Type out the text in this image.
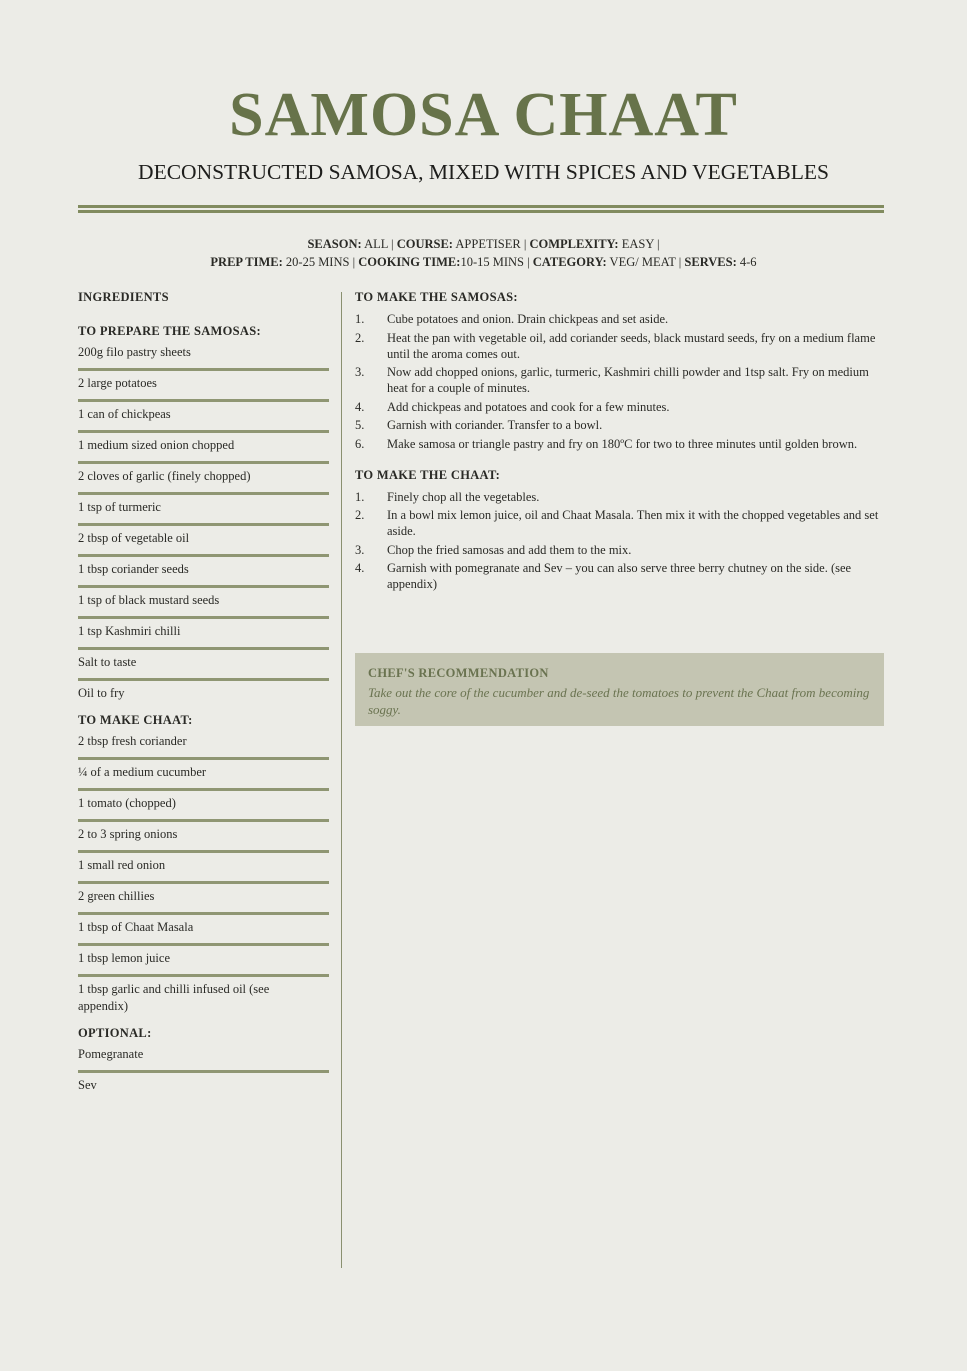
SAMOSA CHAAT
DECONSTRUCTED SAMOSA, MIXED WITH SPICES AND VEGETABLES
SEASON: ALL | COURSE: APPETISER | COMPLEXITY: EASY |
PREP TIME: 20-25 MINS | COOKING TIME:10-15 MINS | CATEGORY: VEG/ MEAT | SERVES: 4-6
INGREDIENTS
TO PREPARE THE SAMOSAS:
200g filo pastry sheets
2 large potatoes
1 can of chickpeas
1 medium sized onion chopped
2 cloves of garlic (finely chopped)
1 tsp of turmeric
2 tbsp of vegetable oil
1 tbsp coriander seeds
1 tsp of black mustard seeds
1 tsp Kashmiri chilli
Salt to taste
Oil to fry
TO MAKE CHAAT:
2 tbsp fresh coriander
¼ of a medium cucumber
1 tomato (chopped)
2 to 3 spring onions
1 small red onion
2 green chillies
1 tbsp of Chaat Masala
1 tbsp lemon juice
1 tbsp garlic and chilli infused oil (see appendix)
OPTIONAL:
Pomegranate
Sev
TO MAKE THE SAMOSAS:
1. Cube potatoes and onion. Drain chickpeas and set aside.
2. Heat the pan with vegetable oil, add coriander seeds, black mustard seeds, fry on a medium flame until the aroma comes out.
3. Now add chopped onions, garlic, turmeric, Kashmiri chilli powder and 1tsp salt. Fry on medium heat for a couple of minutes.
4. Add chickpeas and potatoes and cook for a few minutes.
5. Garnish with coriander. Transfer to a bowl.
6. Make samosa or triangle pastry and fry on 180ºC for two to three minutes until golden brown.
TO MAKE THE CHAAT:
1. Finely chop all the vegetables.
2. In a bowl mix lemon juice, oil and Chaat Masala. Then mix it with the chopped vegetables and set aside.
3. Chop the fried samosas and add them to the mix.
4. Garnish with pomegranate and Sev – you can also serve three berry chutney on the side. (see appendix)
CHEF'S RECOMMENDATION
Take out the core of the cucumber and de-seed the tomatoes to prevent the Chaat from becoming soggy.
